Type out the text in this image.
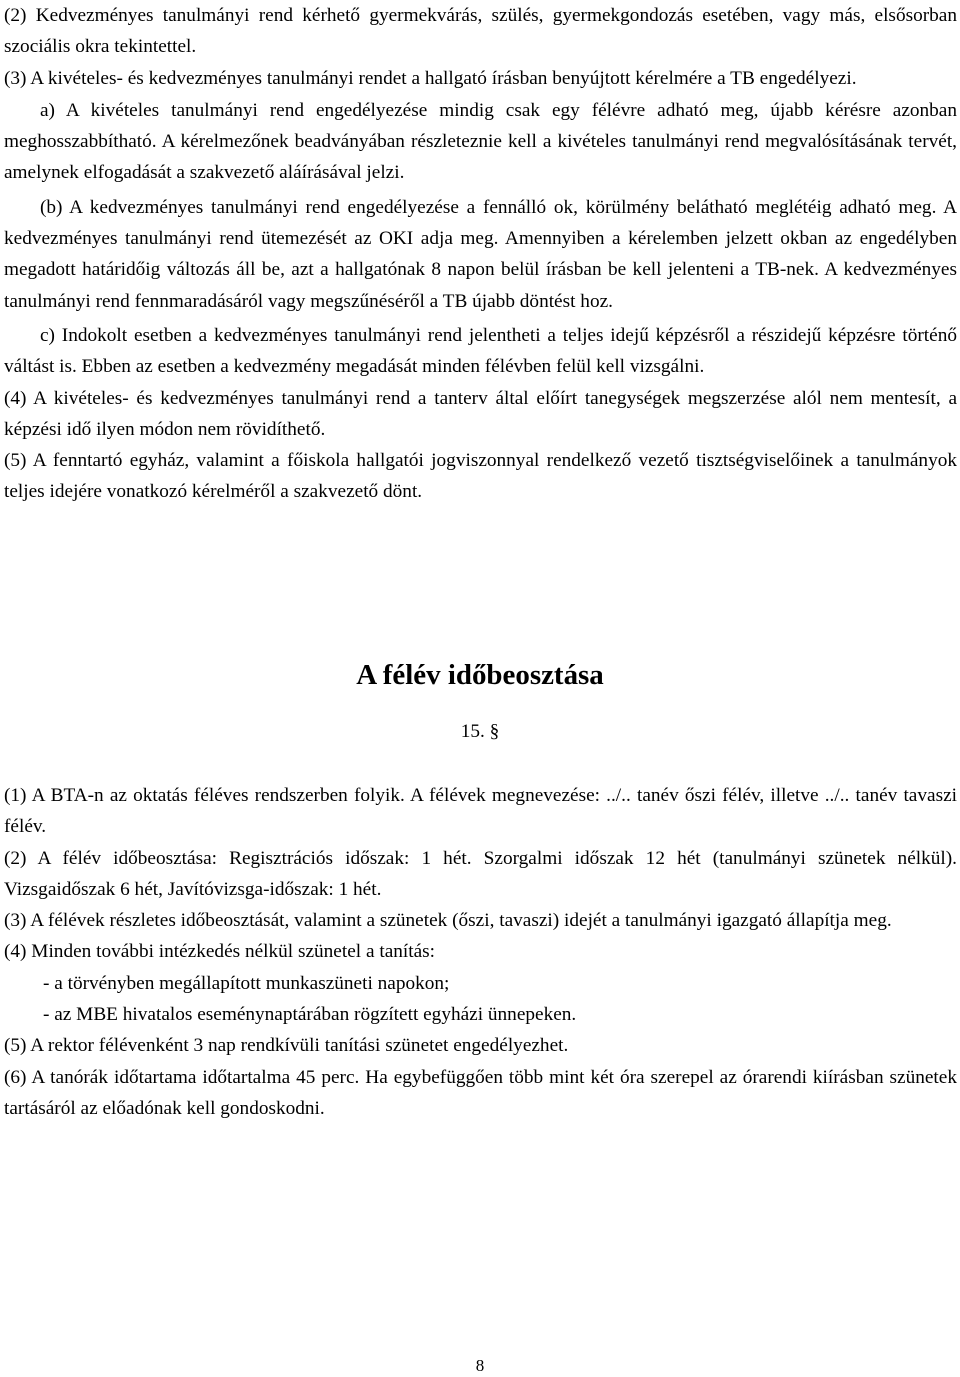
(2) Kedvezményes tanulmányi rend kérhető gyermekvárás, szülés, gyermekgondozás esetében, vagy más, elsősorban szociális okra tekintettel.

(3) A kivételes- és kedvezményes tanulmányi rendet a hallgató írásban benyújtott kérelmére a TB engedélyezi.

a) A kivételes tanulmányi rend engedélyezése mindig csak egy félévre adható meg, újabb kérésre azonban meghosszabbítható. A kérelmezőnek beadványában részleteznie kell a kivételes tanulmányi rend megvalósításának tervét, amelynek elfogadását a szakvezető aláírásával jelzi.

(b) A kedvezményes tanulmányi rend engedélyezése a fennálló ok, körülmény belátható meglétéig adható meg. A kedvezményes tanulmányi rend ütemezését az OKI adja meg. Amennyiben a kérelemben jelzett okban az engedélyben megadott határidőig változás áll be, azt a hallgatónak 8 napon belül írásban be kell jelenteni a TB-nek. A kedvezményes tanulmányi rend fennmaradásáról vagy megszűnéséről a TB újabb döntést hoz.

c) Indokolt esetben a kedvezményes tanulmányi rend jelentheti a teljes idejű képzésről a részidejű képzésre történő váltást is. Ebben az esetben a kedvezmény megadását minden félévben felül kell vizsgálni.

(4) A kivételes- és kedvezményes tanulmányi rend a tanterv által előírt tanegységek megszerzése alól nem mentesít, a képzési idő ilyen módon nem rövidíthető.

(5) A fenntartó egyház, valamint a főiskola hallgatói jogviszonnyal rendelkező vezető tisztségviselőinek a tanulmányok teljes idejére vonatkozó kérelméről a szakvezető dönt.

A félév időbeosztása

15. §

(1) A BTA-n az oktatás féléves rendszerben folyik. A félévek megnevezése: ../.. tanév őszi félév, illetve ../.. tanév tavaszi félév.

(2) A félév időbeosztása: Regisztrációs időszak: 1 hét. Szorgalmi időszak 12 hét (tanulmányi szünetek nélkül). Vizsgaidőszak 6 hét, Javítóvizsga-időszak: 1 hét.

(3) A félévek részletes időbeosztását, valamint a szünetek (őszi, tavaszi) idejét a tanulmányi igazgató állapítja meg.

(4) Minden további intézkedés nélkül szünetel a tanítás:

- a törvényben megállapított munkaszüneti napokon;

- az MBE hivatalos eseménynaptárában rögzített egyházi ünnepeken.

(5) A rektor félévenként 3 nap rendkívüli tanítási szünetet engedélyezhet.

(6) A tanórák időtartama időtartalma 45 perc. Ha egybefüggően több mint két óra szerepel az órarendi kiírásban szünetek tartásáról az előadónak kell gondoskodni.

8
